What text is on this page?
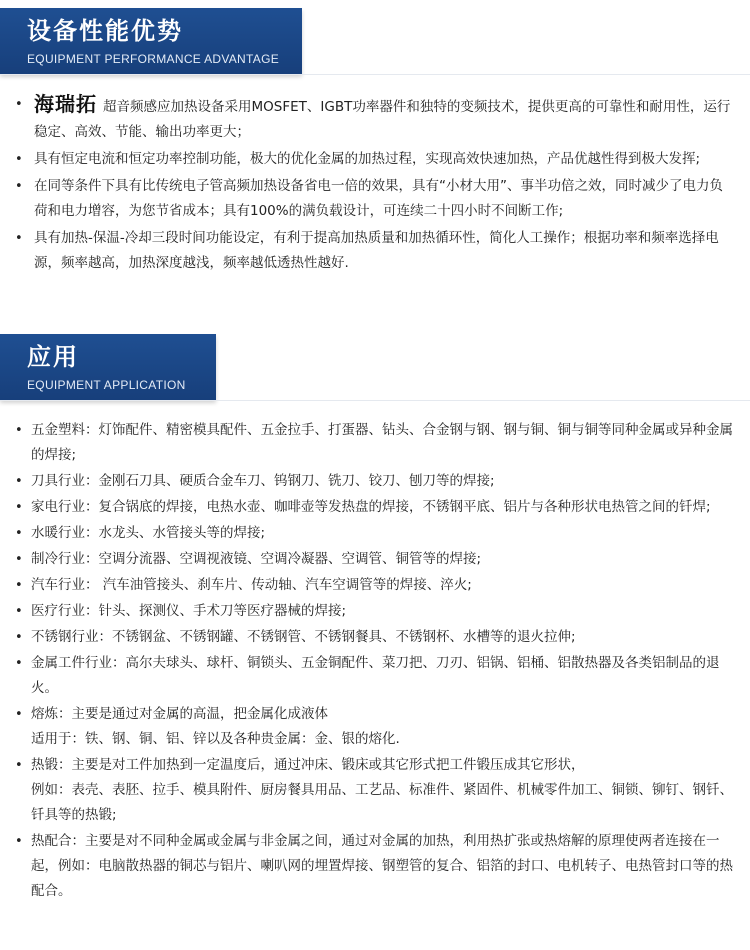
设备性能优势
EQUIPMENT PERFORMANCE ADVANTAGE
• 海瑞拓 超音频感应加热设备采用MOSFET、IGBT功率器件和独特的变频技术，提供更高的可靠性和耐用性，运行稳定、高效、节能、输出功率更大；
• 具有恒定电流和恒定功率控制功能，极大的优化金属的加热过程，实现高效快速加热，产品优越性得到极大发挥;
• 在同等条件下具有比传统电子管高频加热设备省电一倍的效果，具有“小材大用”、事半功倍之效，同时减少了电力负荷和电力增容，为您节省成本；具有100%的满负载设计，可连续二十四小时不间断工作;
• 具有加热-保温-冷却三段时间功能设定，有利于提高加热质量和加热循环性，简化人工操作；根据功率和频率选择电源，频率越高，加热深度越浅，频率越低透热性越好.
应用
EQUIPMENT APPLICATION
• 五金塑料：灯饰配件、精密模具配件、五金拉手、打蛋器、钻头、合金钢与钢、钢与铜、铜与铜等同种金属或异种金属的焊接;
• 刀具行业：金刚石刀具、硬质合金车刀、钨钢刀、铣刀、铰刀、刨刀等的焊接;
• 家电行业：复合锅底的焊接，电热水壶、咖啡壶等发热盘的焊接，不锈钢平底、铝片与各种形状电热管之间的钎焊;
• 水暖行业：水龙头、水管接头等的焊接;
• 制冷行业：空调分流器、空调视液镜、空调冷凝器、空调管、铜管等的焊接;
• 汽车行业： 汽车油管接头、刹车片、传动轴、汽车空调管等的焊接、淬火;
• 医疗行业：针头、探测仪、手术刀等医疗器械的焊接;
• 不锈钢行业：不锈钢盆、不锈钢罐、不锈钢管、不锈钢餐具、不锈钢杯、水槽等的退火拉伸;
• 金属工件行业：高尔夫球头、球杆、铜锁头、五金铜配件、菜刀把、刀刃、铝锅、铝桶、铝散热器及各类铝制品的退火。
• 熔炼：主要是通过对金属的高温，把金属化成液体
适用于：铁、钢、铜、铝、锌以及各种贵金属：金、银的熔化.
• 热锻：主要是对工件加热到一定温度后，通过冲床、锻床或其它形式把工件锻压成其它形状，
例如：表壳、表胚、拉手、模具附件、厨房餐具用品、工艺品、标准件、紧固件、机械零件加工、铜锁、铆钉、钢钎、钎具等的热锻;
• 热配合：主要是对不同种金属或金属与非金属之间，通过对金属的加热，利用热扩张或热熔解的原理使两者连接在一起，例如：电脑散热器的铜芯与铝片、喇叭网的埋置焊接、钢塑管的复合、铝箔的封口、电机转子、电热管封口等的热配合。
